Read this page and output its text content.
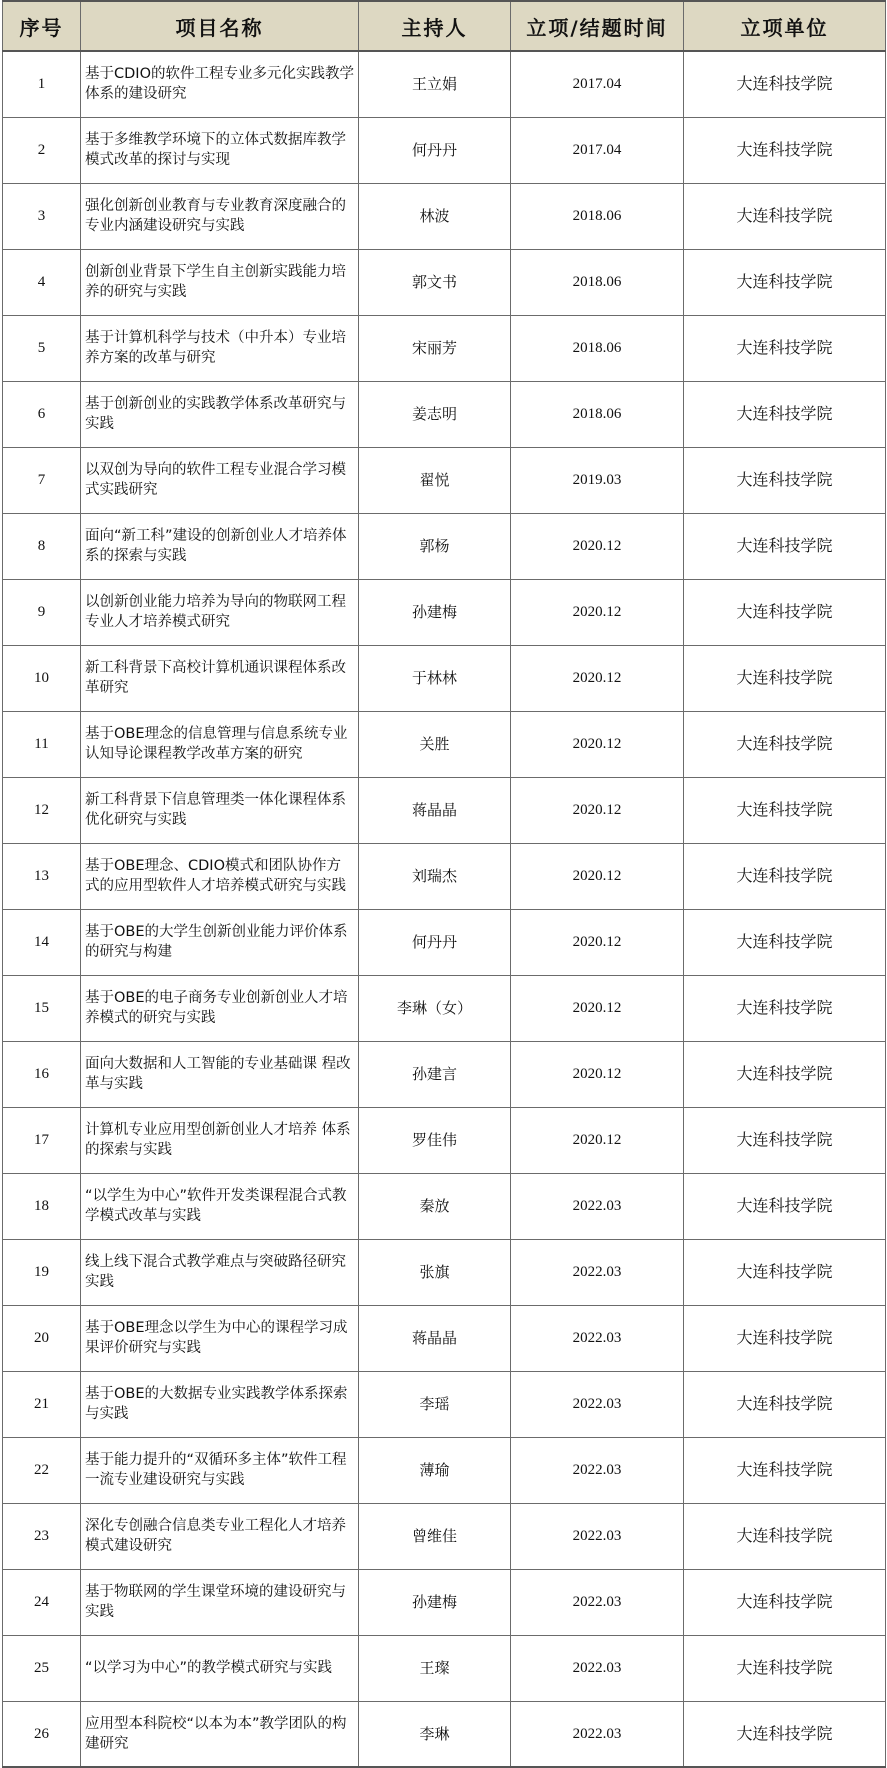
序号	项目名称	主持人	立项/结题时间	立项单位
1	基于CDIO的软件工程专业多元化实践教学体系的建设研究	王立娟	2017.04	大连科技学院
2	基于多维教学环境下的立体式数据库教学模式改革的探讨与实现	何丹丹	2017.04	大连科技学院
3	强化创新创业教育与专业教育深度融合的专业内涵建设研究与实践	林波	2018.06	大连科技学院
4	创新创业背景下学生自主创新实践能力培养的研究与实践	郭文书	2018.06	大连科技学院
5	基于计算机科学与技术（中升本）专业培养方案的改革与研究	宋丽芳	2018.06	大连科技学院
6	基于创新创业的实践教学体系改革研究与实践	姜志明	2018.06	大连科技学院
7	以双创为导向的软件工程专业混合学习模式实践研究	翟悦	2019.03	大连科技学院
8	面向“新工科”建设的创新创业人才培养体系的探索与实践	郭杨	2020.12	大连科技学院
9	以创新创业能力培养为导向的物联网工程专业人才培养模式研究	孙建梅	2020.12	大连科技学院
10	新工科背景下高校计算机通识课程体系改革研究	于林林	2020.12	大连科技学院
11	基于OBE理念的信息管理与信息系统专业认知导论课程教学改革方案的研究	关胜	2020.12	大连科技学院
12	新工科背景下信息管理类一体化课程体系优化研究与实践	蒋晶晶	2020.12	大连科技学院
13	基于OBE理念、CDIO模式和团队协作方式的应用型软件人才培养模式研究与实践	刘瑞杰	2020.12	大连科技学院
14	基于OBE的大学生创新创业能力评价体系的研究与构建	何丹丹	2020.12	大连科技学院
15	基于OBE的电子商务专业创新创业人才培养模式的研究与实践	李琳（女）	2020.12	大连科技学院
16	面向大数据和人工智能的专业基础课 程改革与实践	孙建言	2020.12	大连科技学院
17	计算机专业应用型创新创业人才培养 体系的探索与实践	罗佳伟	2020.12	大连科技学院
18	“以学生为中心”软件开发类课程混合式教学模式改革与实践	秦放	2022.03	大连科技学院
19	线上线下混合式教学难点与突破路径研究实践	张旗	2022.03	大连科技学院
20	基于OBE理念以学生为中心的课程学习成果评价研究与实践	蒋晶晶	2022.03	大连科技学院
21	基于OBE的大数据专业实践教学体系探索与实践	李瑶	2022.03	大连科技学院
22	基于能力提升的“双循环多主体”软件工程一流专业建设研究与实践	薄瑜	2022.03	大连科技学院
23	深化专创融合信息类专业工程化人才培养模式建设研究	曾维佳	2022.03	大连科技学院
24	基于物联网的学生课堂环境的建设研究与实践	孙建梅	2022.03	大连科技学院
25	“以学习为中心”的教学模式研究与实践	王璨	2022.03	大连科技学院
26	应用型本科院校“以本为本”教学团队的构建研究	李琳	2022.03	大连科技学院
